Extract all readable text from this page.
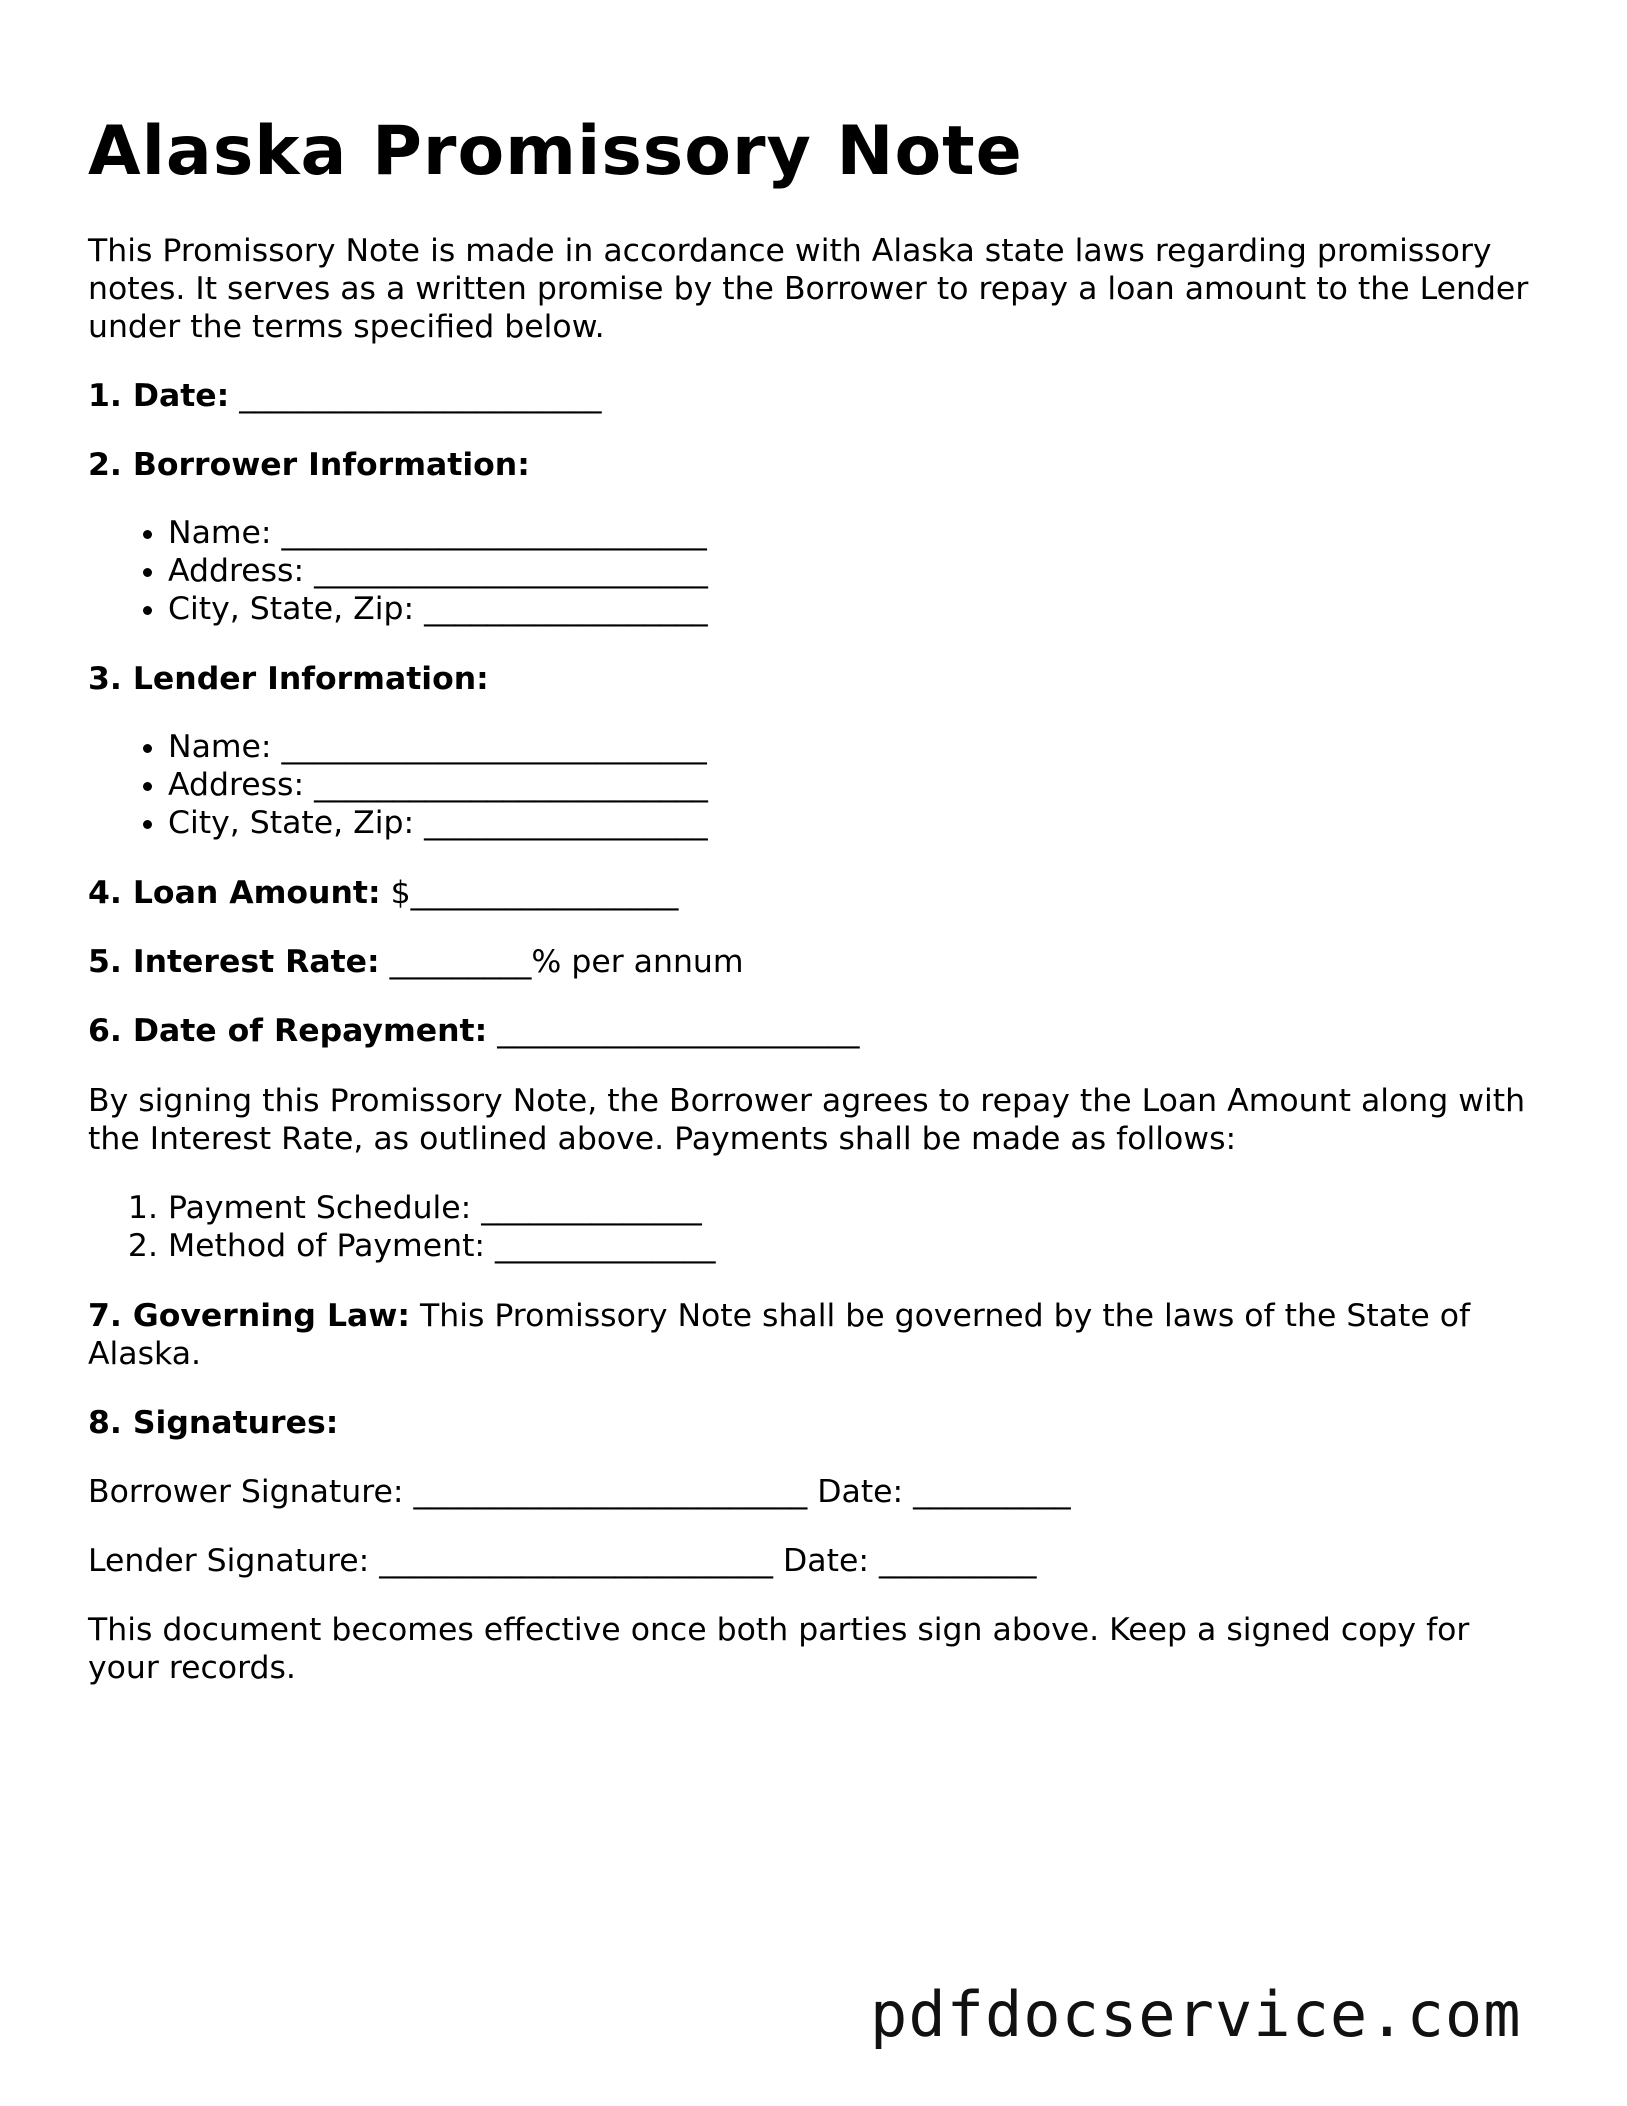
Alaska Promissory Note

This Promissory Note is made in accordance with Alaska state laws regarding promissory notes. It serves as a written promise by the Borrower to repay a loan amount to the Lender under the terms specified below.

1. Date: _______________________

2. Borrower Information:

• Name: ___________________________
• Address: _________________________
• City, State, Zip: __________________

3. Lender Information:

• Name: ___________________________
• Address: _________________________
• City, State, Zip: __________________

4. Loan Amount: $_________________

5. Interest Rate: _________% per annum

6. Date of Repayment: _______________________

By signing this Promissory Note, the Borrower agrees to repay the Loan Amount along with the Interest Rate, as outlined above. Payments shall be made as follows:

1. Payment Schedule: ______________
2. Method of Payment: ______________

7. Governing Law: This Promissory Note shall be governed by the laws of the State of Alaska.

8. Signatures:

Borrower Signature: _________________________ Date: __________

Lender Signature: _________________________ Date: __________

This document becomes effective once both parties sign above. Keep a signed copy for your records.

pdfdocservice.com
